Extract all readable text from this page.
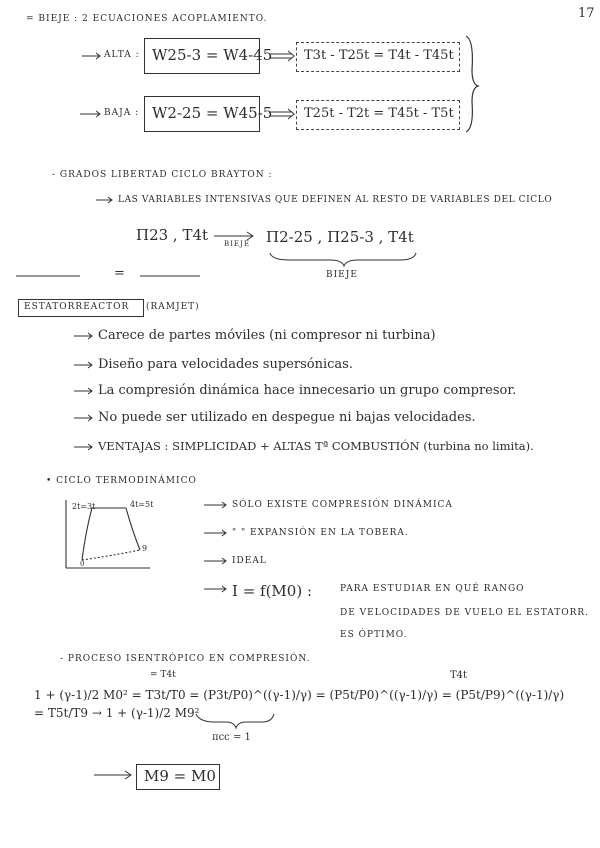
17
= BIEJE : 2 ECUACIONES ACOPLAMIENTO.
ALTA : W25-3 = W4-45 T3t - T25t = T4t - T45t
BAJA : W2-25 = W45-5 T25t - T2t = T45t - T5t
- GRADOS LIBERTAD CICLO BRAYTON :
LAS VARIABLES INTENSIVAS QUE DEFINEN AL RESTO DE VARIABLES DEL CICLO
Π23 , T4t BIEJE Π2-25 , Π25-3 , T4t
BIEJE
=
ESTATORREACTOR (RAMJET)
Carece de partes móviles (ni compresor ni turbina)
Diseño para velocidades supersónicas.
La compresión dinámica hace innecesario un grupo compresor.
No puede ser utilizado en despegue ni bajas velocidades.
VENTAJAS : SIMPLICIDAD + ALTAS Tª COMBUSTIÓN (turbina no limita).
• CICLO TERMODINÁMICO
2t=3t	4t=5t
0
9
SÓLO EXISTE COMPRESIÓN DINÁMICA
" " EXPANSIÓN EN LA TOBERA.
IDEAL
I = f(M0) :	PARA ESTUDIAR EN QUÉ RANGO
DE VELOCIDADES DE VUELO EL ESTATORR.
ES ÓPTIMO.
- PROCESO ISENTRÓPICO EN COMPRESIÓN.
1 + (γ-1)/2 M0² = T3t/T0 = (P3t/P0)^((γ-1)/γ) = (P5t/P0)^((γ-1)/γ) = (P5t/P9)^((γ-1)/γ) = T5t/T9 → 1 + (γ-1)/2 M9²
πcc = 1
T4t
= T4t
M9 = M0
